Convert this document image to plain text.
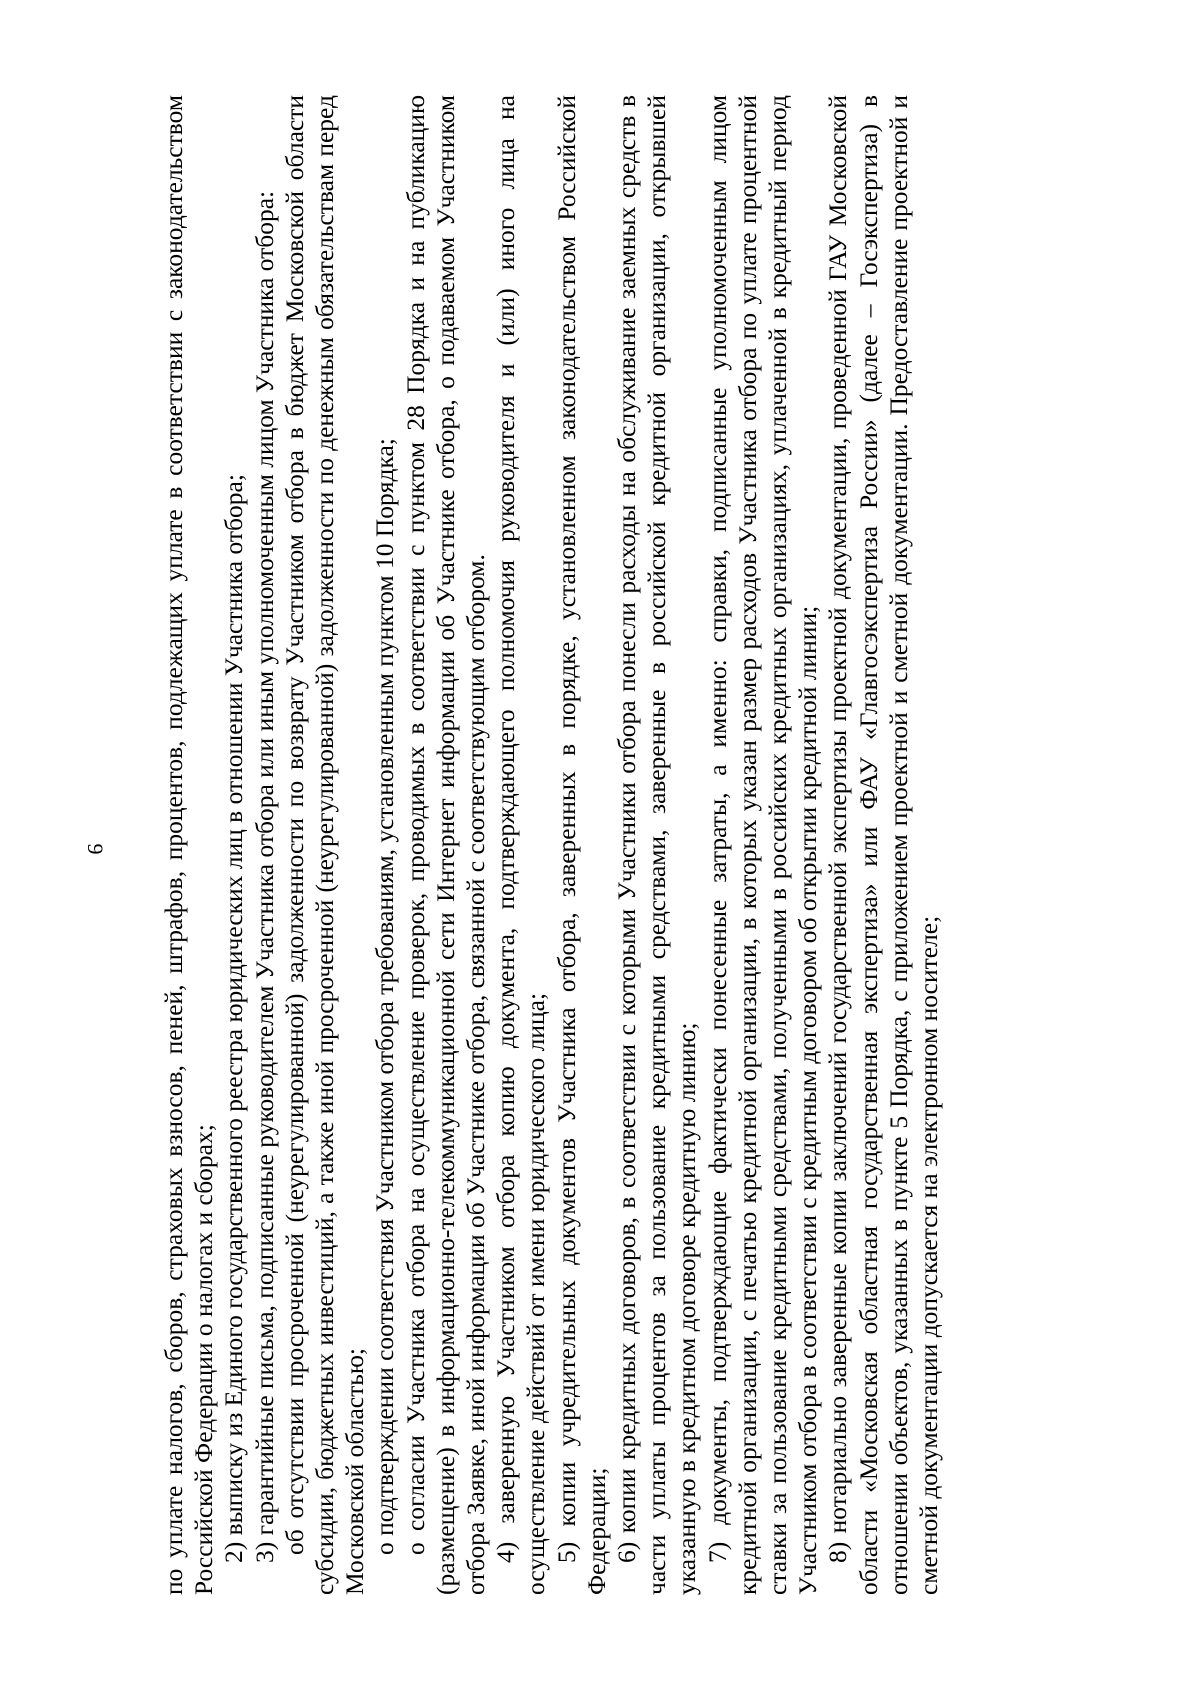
9 по уплате налогов, сборов, страховых взносов, пеней, штрафов, процентов, подлежащих уплате в соответствии с законодательством Российской Федерации о налогах и сборах; 2) выписку из Единого государственного реестра юридических лиц в отношении Участника отбора; 3) гарантийные письма, подписанные руководителем Участника отбора или иным уполномоченным лицом Участника отбора: об отсутствии просроченной (неурегулированной) задолженности по возврату Участником отбора в бюджет Московской области субсидии, бюджетных инвестиций, а также иной просроченной (неурегулированной) задолженности по денежным обязательствам перед Московской областью; о подтверждении соответствия Участником отбора требованиям, установленным пунктом 10 Порядка; о согласии Участника отбора на осуществление проверок, проводимых в соответствии с пунктом 28 Порядка и на публикацию (размещение) в информационно-телекоммуникационной сети Интернет информации об Участнике отбора, о подаваемом Участником отбора Заявке, иной информации об Участнике отбора, связанной с соответствующим отбором. 4) заверенную Участником отбора копию документа, подтверждающего полномочия руководителя и (или) иного лица на осуществление действий от имени юридического лица; 5) копии учредительных документов Участника отбора, заверенных в порядке, установленном законодательством Российской Федерации; 6) копии кредитных договоров, в соответствии с которыми Участники отбора понесли расходы на обслуживание заемных средств в части уплаты процентов за пользование кредитными средствами, заверенные в российской кредитной организации, открывшей указанную в кредитном договоре кредитную линию; 7) документы, подтверждающие фактически понесенные затраты, а именно: справки, подписанные уполномоченным лицом кредитной организации, с печатью кредитной организации, в которых указан размер расходов Участника отбора по уплате процентной ставки за пользование кредитными средствами, полученными в российских кредитных организациях, уплаченной в кредитный период Участником отбора в соответствии с кредитным договором об открытии кредитной линии; 8) нотариально заверенные копии заключений государственной экспертизы проектной документации, проведенной ГАУ Московской области «Московская областная государственная экспертиза» или ФАУ «Главгосэкспертиза России» (далее – Госэкспертиза) в отношении объектов, указанных в пункте 5 Порядка, с приложением проектной и сметной документации. Предоставление проектной и сметной документации допускается на электронном носителе;
